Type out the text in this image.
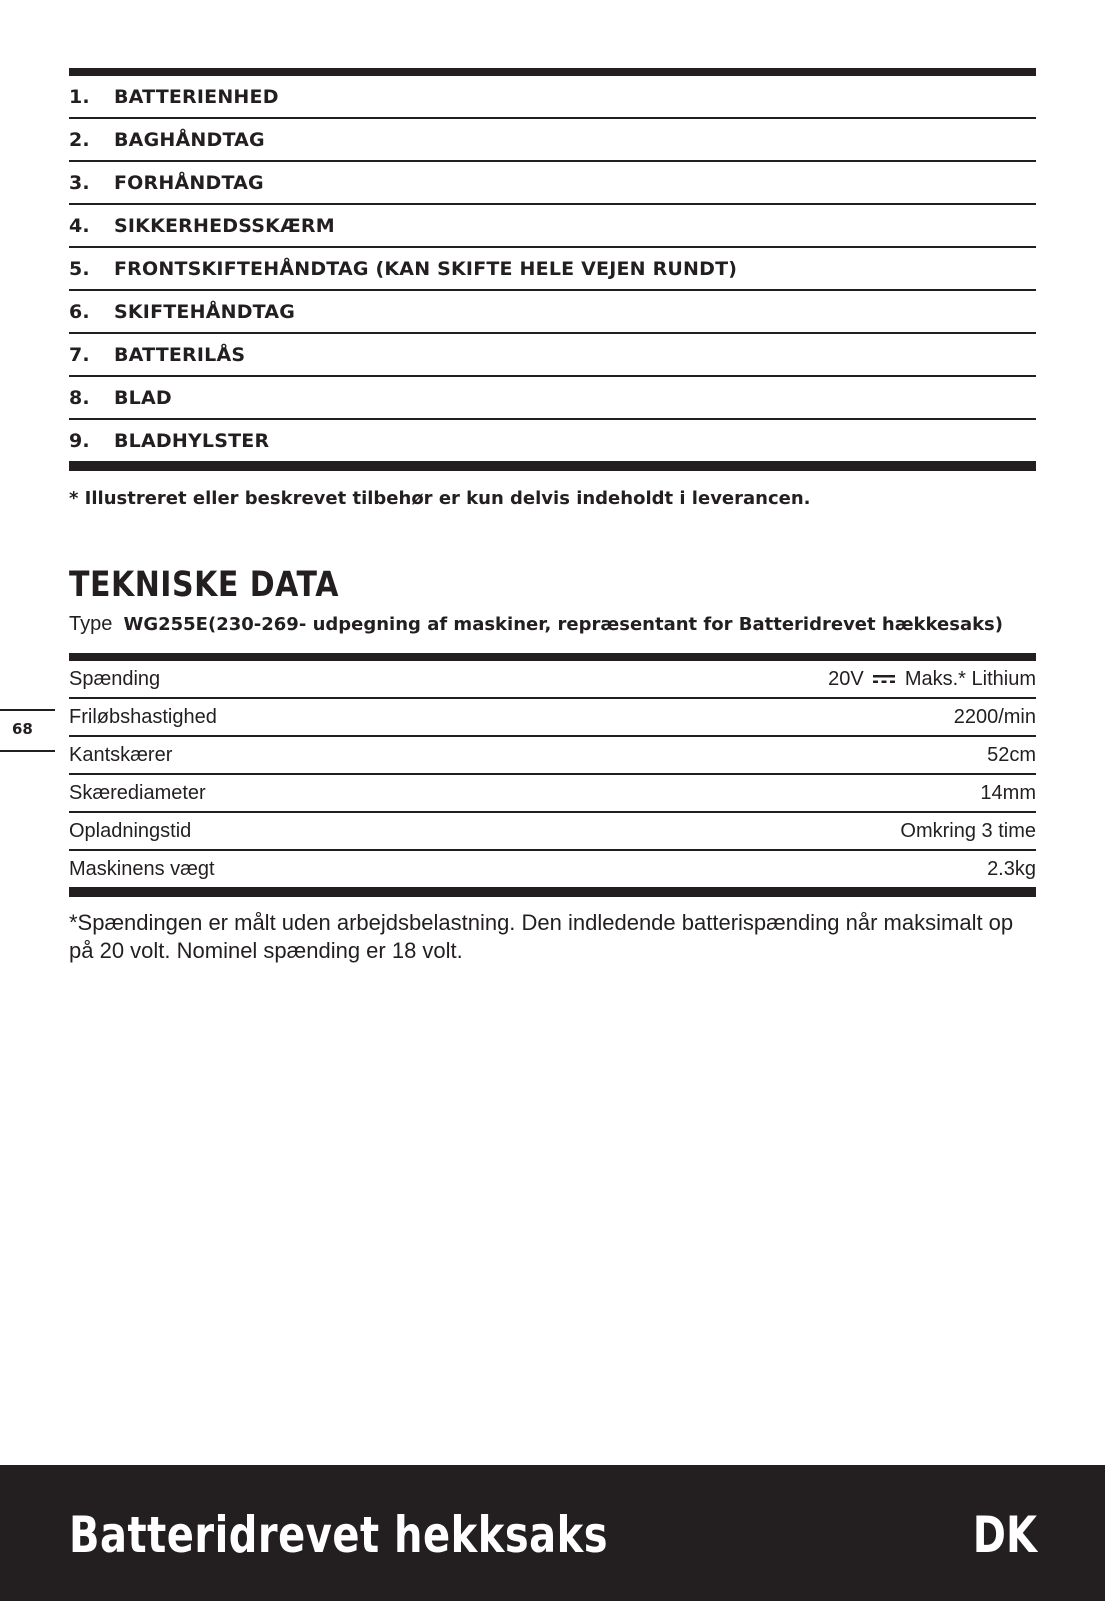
1.	BATTERIENHED
2.	BAGHÅNDTAG
3.	FORHÅNDTAG
4.	SIKKERHEDSSKÆRM
5.	FRONTSKIFTEHÅNDTAG (KAN SKIFTE HELE VEJEN RUNDT)
6.	SKIFTEHÅNDTAG
7.	BATTERILÅS
8.	BLAD
9.	BLADHYLSTER
* Illustreret eller beskrevet tilbehør er kun delvis indeholdt i leverancen.
TEKNISKE DATA
Type WG255E(230-269- udpegning af maskiner, repræsentant for Batteridrevet hækkesaks)
Spænding	20V Maks.* Lithium
Friløbshastighed	2200/min
Kantskærer	52cm
Skærediameter	14mm
Opladningstid	Omkring 3 time
Maskinens vægt	2.3kg
*Spændingen er målt uden arbejdsbelastning. Den indledende batterispænding når maksimalt op på 20 volt. Nominel spænding er 18 volt.
68
Batteridrevet hekksaks	DK
